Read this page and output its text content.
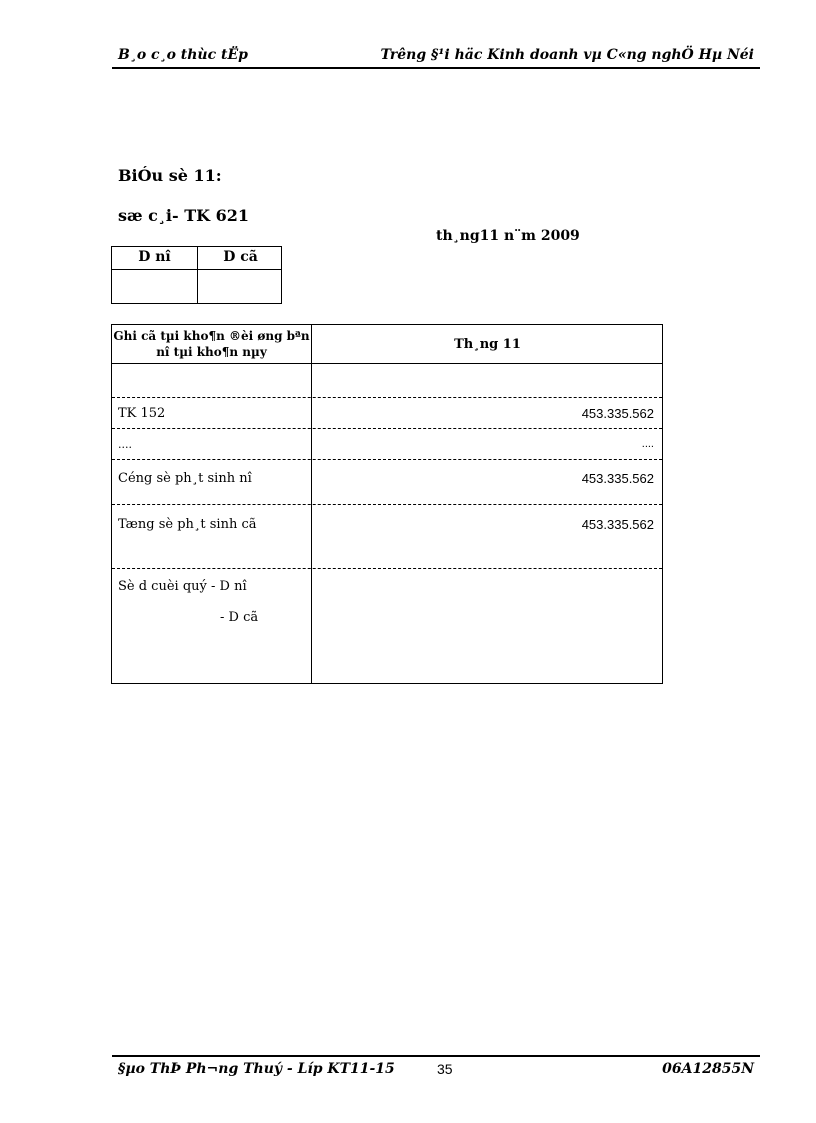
B¸o c¸o thùc tËp	Trêng §¹i häc Kinh doanh vµ C«ng nghÖ Hµ Néi
BiÓu sè 11:
sæ c¸i- TK 621
th¸ng11 n¨m 2009
D nî	D cã
Ghi cã tµi kho¶n ®èi øng bªn nî tµi kho¶n nµy	Th¸ng 11
TK 152	453.335.562
....	....
Céng sè ph¸t sinh nî	453.335.562
Tæng sè ph¸t sinh cã	453.335.562
Sè d cuèi quý - D nî
- D cã
§µo ThÞ Ph¬ng Thuý - Líp KT11-15	35	06A12855N
